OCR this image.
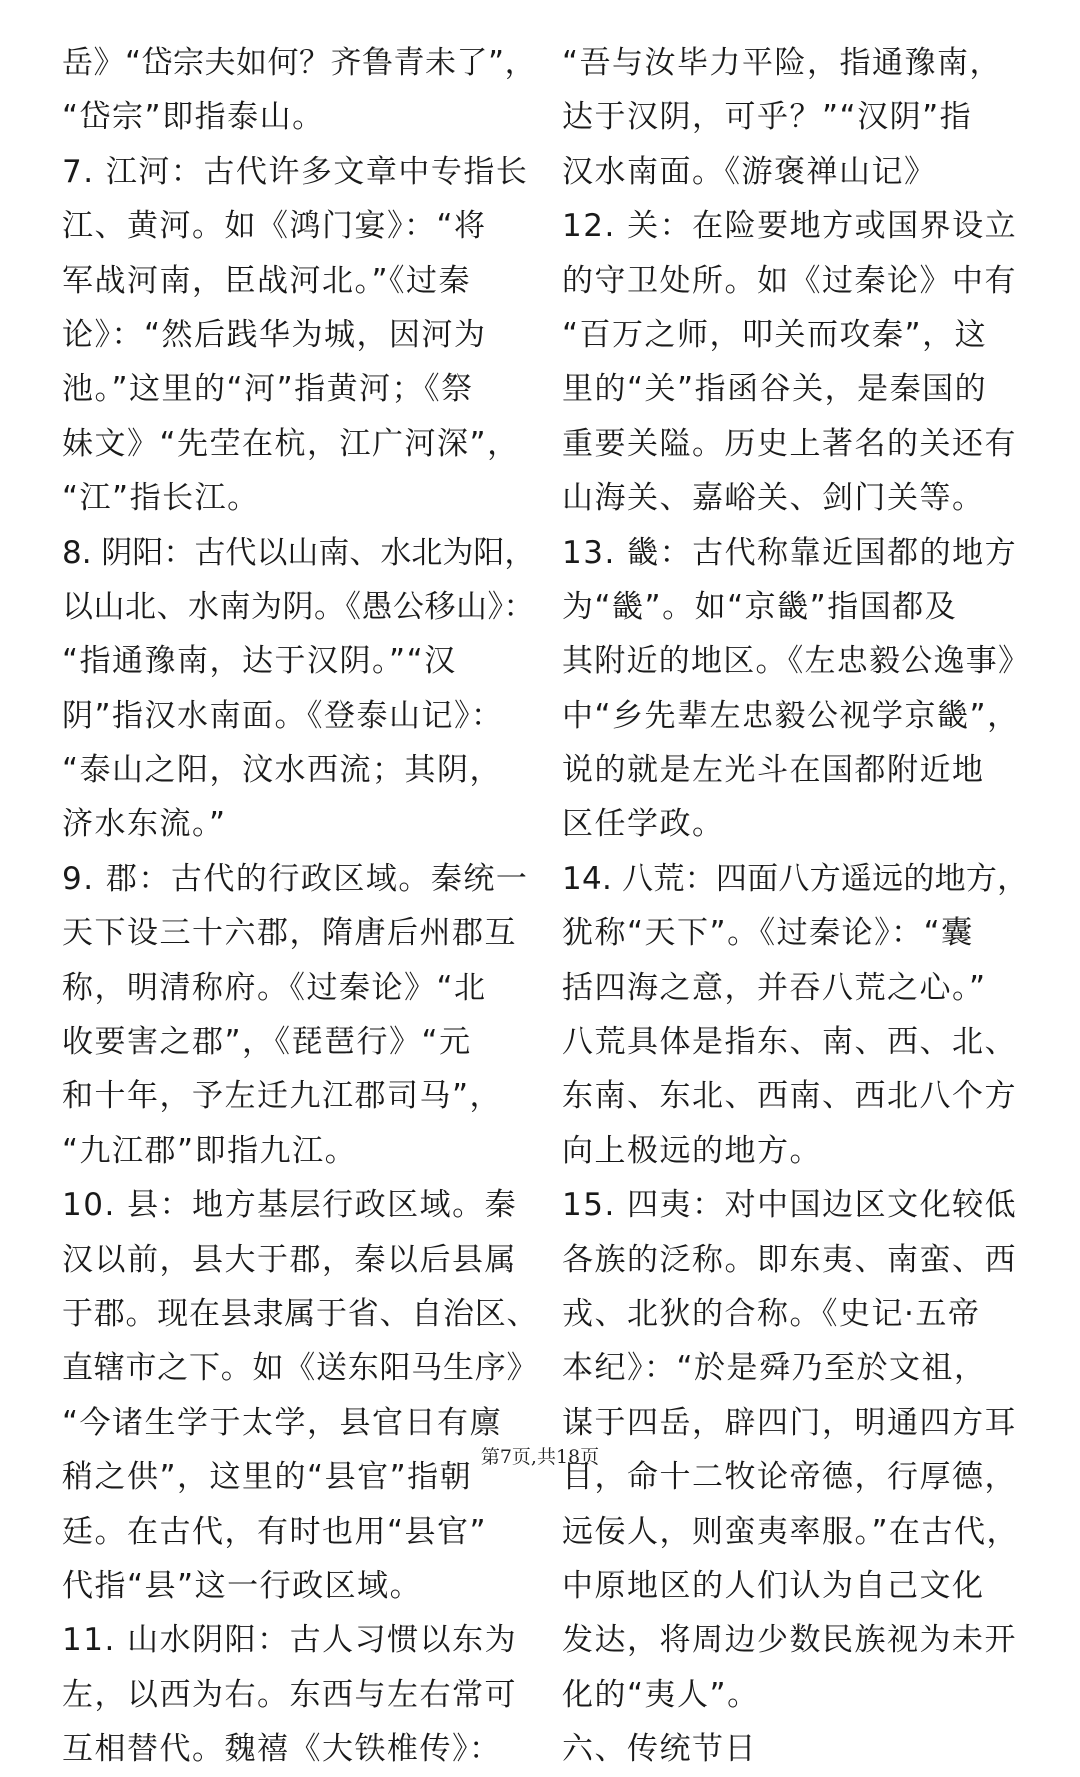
岳》“岱宗夫如何？齐鲁青未了”，
“岱宗”即指泰山。
7. 江河：古代许多文章中专指长
江、黄河。如《鸿门宴》：“将
军战河南，臣战河北。”《过秦
论》：“然后践华为城，因河为
池。”这里的“河”指黄河；《祭
妹文》“先茔在杭，江广河深”，
“江”指长江。
8. 阴阳：古代以山南、水北为阳，
以山北、水南为阴。《愚公移山》：
“指通豫南，达于汉阴。”“汉
阴”指汉水南面。《登泰山记》：
“泰山之阳，汶水西流；其阴，
济水东流。”
9. 郡：古代的行政区域。秦统一
天下设三十六郡，隋唐后州郡互
称，明清称府。《过秦论》“北
收要害之郡”，《琵琶行》“元
和十年，予左迁九江郡司马”，
“九江郡”即指九江。
10. 县：地方基层行政区域。秦
汉以前，县大于郡，秦以后县属
于郡。现在县隶属于省、自治区、
直辖市之下。如《送东阳马生序》
“今诸生学于太学，县官日有廪
稍之供”，这里的“县官”指朝
廷。在古代，有时也用“县官”
代指“县”这一行政区域。
11. 山水阴阳：古人习惯以东为
左，以西为右。东西与左右常可
互相替代。魏禧《大铁椎传》：
“吾与汝毕力平险，指通豫南，
达于汉阴，可乎？”“汉阴”指
汉水南面。《游褒禅山记》
12. 关：在险要地方或国界设立
的守卫处所。如《过秦论》中有
“百万之师，叩关而攻秦”，这
里的“关”指函谷关，是秦国的
重要关隘。历史上著名的关还有
山海关、嘉峪关、剑门关等。
13. 畿：古代称靠近国都的地方
为“畿”。如“京畿”指国都及
其附近的地区。《左忠毅公逸事》
中“乡先辈左忠毅公视学京畿”，
说的就是左光斗在国都附近地
区任学政。
14. 八荒：四面八方遥远的地方，
犹称“天下”。《过秦论》：“囊
括四海之意，并吞八荒之心。”
八荒具体是指东、南、西、北、
东南、东北、西南、西北八个方
向上极远的地方。
15. 四夷：对中国边区文化较低
各族的泛称。即东夷、南蛮、西
戎、北狄的合称。《史记·五帝
本纪》：“於是舜乃至於文祖，
谋于四岳，辟四门，明通四方耳
目，命十二牧论帝德，行厚德，
远佞人，则蛮夷率服。”在古代，
中原地区的人们认为自己文化
发达，将周边少数民族视为未开
化的“夷人”。
六、传统节日
第7页,共18页
